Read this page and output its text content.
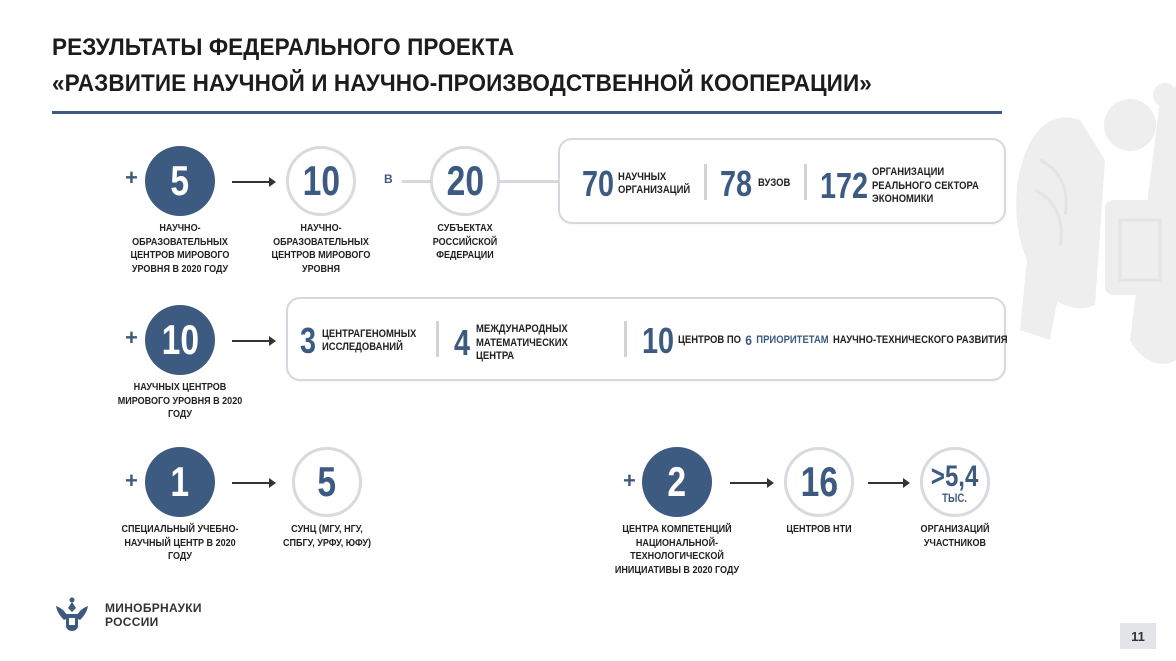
РЕЗУЛЬТАТЫ ФЕДЕРАЛЬНОГО ПРОЕКТА
«РАЗВИТИЕ НАУЧНОЙ И НАУЧНО-ПРОИЗВОДСТВЕННОЙ КООПЕРАЦИИ»
+ 5
НАУЧНО-ОБРАЗОВАТЕЛЬНЫХ ЦЕНТРОВ МИРОВОГО УРОВНЯ В 2020 ГОДУ
10
НАУЧНО-ОБРАЗОВАТЕЛЬНЫХ ЦЕНТРОВ МИРОВОГО УРОВНЯ
В 20
СУБЪЕКТАХ РОССИЙСКОЙ ФЕДЕРАЦИИ
70 НАУЧНЫХ ОРГАНИЗАЦИЙ 78 ВУЗОВ 172 ОРГАНИЗАЦИИ РЕАЛЬНОГО СЕКТОРА ЭКОНОМИКИ
+ 10
НАУЧНЫХ ЦЕНТРОВ МИРОВОГО УРОВНЯ В 2020 ГОДУ
3 ЦЕНТРАГЕНОМНЫХ ИССЛЕДОВАНИЙ 4 МЕЖДУНАРОДНЫХ МАТЕМАТИЧЕСКИХ ЦЕНТРА	10 ЦЕНТРОВ ПО 6 ПРИОРИТЕТАМ НАУЧНО-ТЕХНИЧЕСКОГО РАЗВИТИЯ
+ 1
СПЕЦИАЛЬНЫЙ УЧЕБНО-НАУЧНЫЙ ЦЕНТР В 2020 ГОДУ
5
СУНЦ (МГУ, НГУ, СПБГУ, УРФУ, ЮФУ)
+ 2
ЦЕНТРА КОМПЕТЕНЦИЙ НАЦИОНАЛЬНОЙ-ТЕХНОЛОГИЧЕСКОЙ ИНИЦИАТИВЫ В 2020 ГОДУ
16
ЦЕНТРОВ НТИ
>5,4
ТЫС.
ОРГАНИЗАЦИЙ УЧАСТНИКОВ
МИНОБРНАУКИ
РОССИИ
11
